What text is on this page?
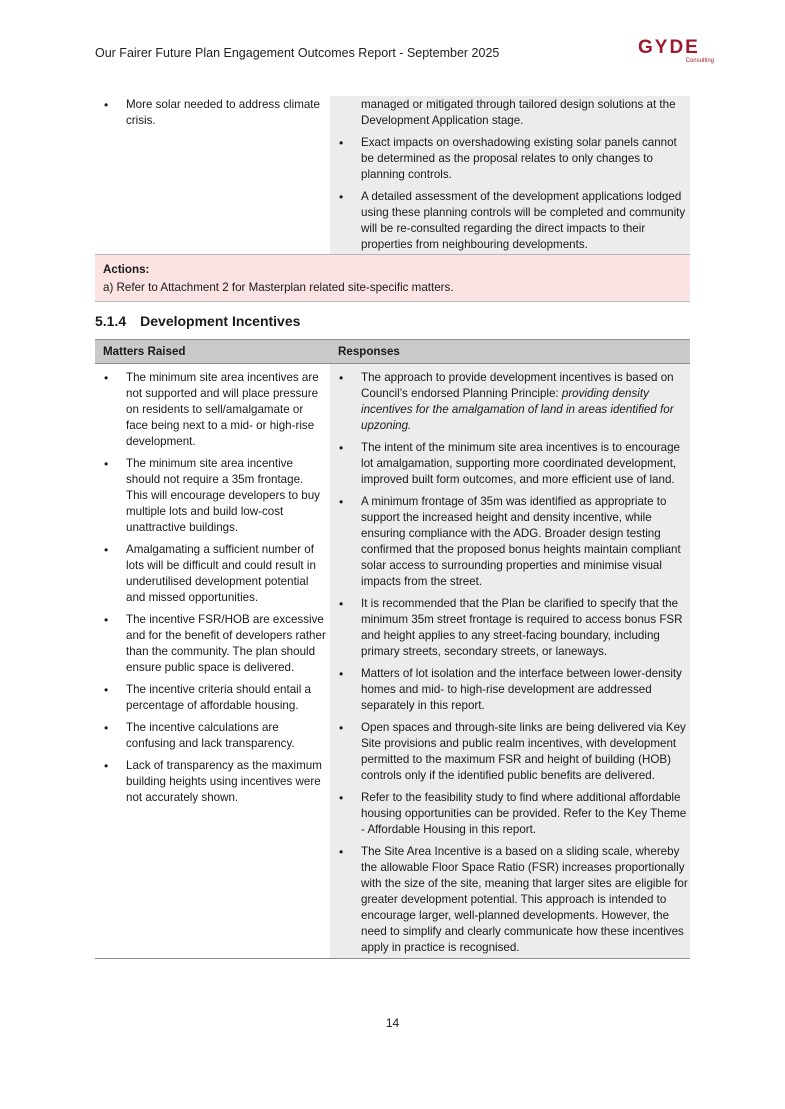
Our Fairer Future Plan Engagement Outcomes Report - September 2025	GYDE
Consulting
• More solar needed to address climate crisis.
managed or mitigated through tailored design solutions at the Development Application stage.
• Exact impacts on overshadowing existing solar panels cannot be determined as the proposal relates to only changes to planning controls.
• A detailed assessment of the development applications lodged using these planning controls will be completed and community will be re-consulted regarding the direct impacts to their properties from neighbouring developments.
Actions:
a) Refer to Attachment 2 for Masterplan related site-specific matters.
5.1.4 Development Incentives
Matters Raised	Responses
• The minimum site area incentives are not supported and will place pressure on residents to sell/amalgamate or face being next to a mid- or high-rise development.
• The minimum site area incentive should not require a 35m frontage. This will encourage developers to buy multiple lots and build low-cost unattractive buildings.
• Amalgamating a sufficient number of lots will be difficult and could result in underutilised development potential and missed opportunities.
• The incentive FSR/HOB are excessive and for the benefit of developers rather than the community. The plan should ensure public space is delivered.
• The incentive criteria should entail a percentage of affordable housing.
• The incentive calculations are confusing and lack transparency.
• Lack of transparency as the maximum building heights using incentives were not accurately shown.
• The approach to provide development incentives is based on Council’s endorsed Planning Principle: providing density incentives for the amalgamation of land in areas identified for upzoning.
• The intent of the minimum site area incentives is to encourage lot amalgamation, supporting more coordinated development, improved built form outcomes, and more efficient use of land.
• A minimum frontage of 35m was identified as appropriate to support the increased height and density incentive, while ensuring compliance with the ADG. Broader design testing confirmed that the proposed bonus heights maintain compliant solar access to surrounding properties and minimise visual impacts from the street.
• It is recommended that the Plan be clarified to specify that the minimum 35m street frontage is required to access bonus FSR and height applies to any street-facing boundary, including primary streets, secondary streets, or laneways.
• Matters of lot isolation and the interface between lower-density homes and mid- to high-rise development are addressed separately in this report.
• Open spaces and through-site links are being delivered via Key Site provisions and public realm incentives, with development permitted to the maximum FSR and height of building (HOB) controls only if the identified public benefits are delivered.
• Refer to the feasibility study to find where additional affordable housing opportunities can be provided. Refer to the Key Theme - Affordable Housing in this report.
• The Site Area Incentive is a based on a sliding scale, whereby the allowable Floor Space Ratio (FSR) increases proportionally with the size of the site, meaning that larger sites are eligible for greater development potential. This approach is intended to encourage larger, well-planned developments. However, the need to simplify and clearly communicate how these incentives apply in practice is recognised.
14
